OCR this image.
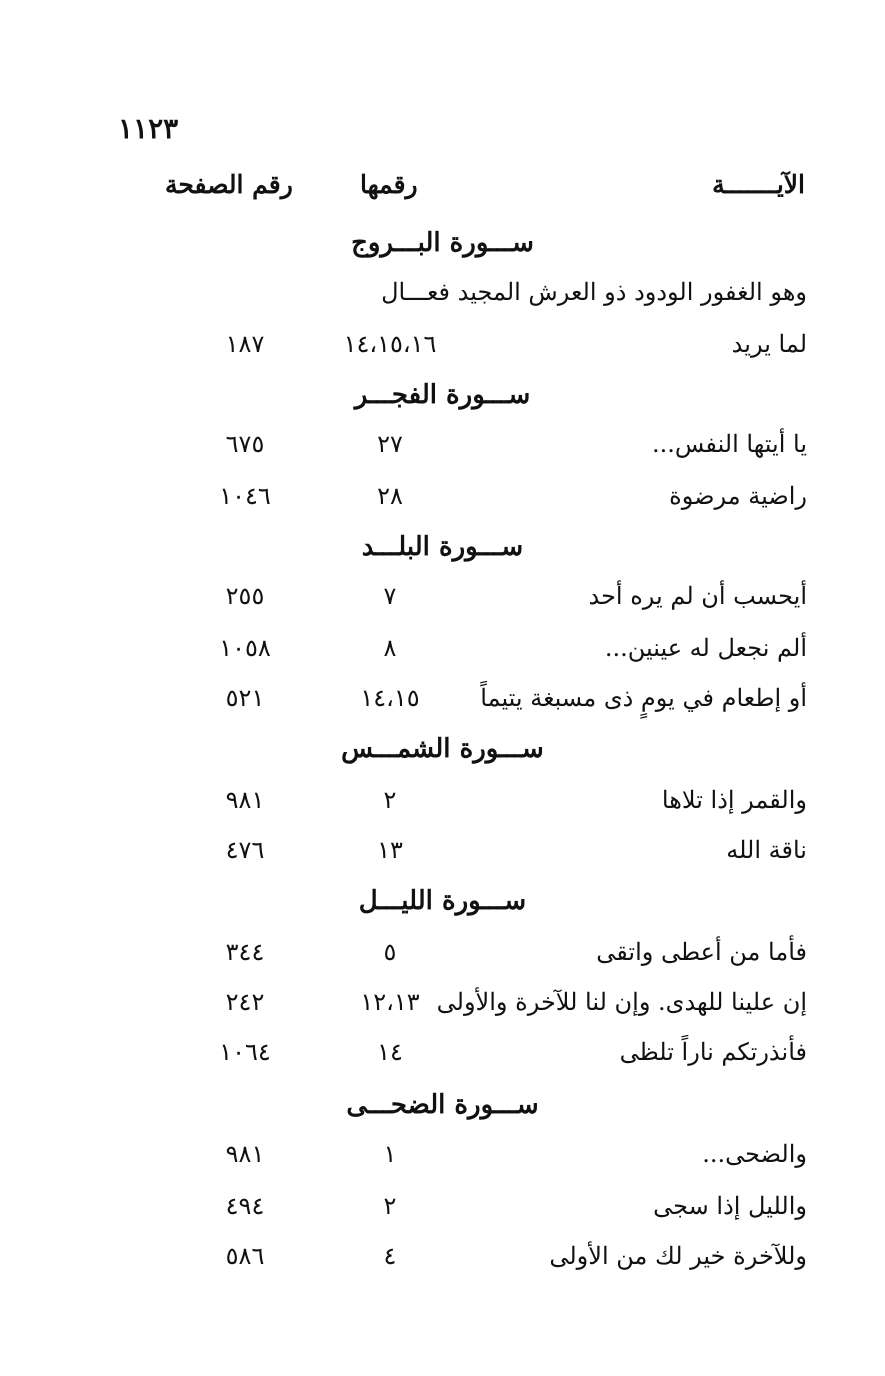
١١٢٣
الآيـــــــة
رقمها
رقم الصفحة
ســـورة البـــروج
وهو الغفور الودود ذو العرش المجيد فعـــال
لما يريد
١٤،١٥،١٦
١٨٧
ســـورة الفجـــر
يا أيتها النفس...
٢٧
٦٧٥
راضية مرضوة
٢٨
١٠٤٦
ســـورة البلـــد
أيحسب أن لم يره أحد
٧
٢٥٥
ألم نجعل له عينين...
٨
١٠٥٨
أو إطعام في يومٍ ذى مسبغة يتيماً
١٤،١٥
٥٢١
ســـورة الشمـــس
والقمر إذا تلاها
٢
٩٨١
ناقة الله
١٣
٤٧٦
ســـورة الليـــل
فأما من أعطى واتقى
٥
٣٤٤
إن علينا للهدى. وإن لنا للآخرة والأولى
١٢،١٣
٢٤٢
فأنذرتكم ناراً تلظى
١٤
١٠٦٤
ســـورة الضحـــى
والضحى...
١
٩٨١
والليل إذا سجى
٢
٤٩٤
وللآخرة خير لك من الأولى
٤
٥٨٦
